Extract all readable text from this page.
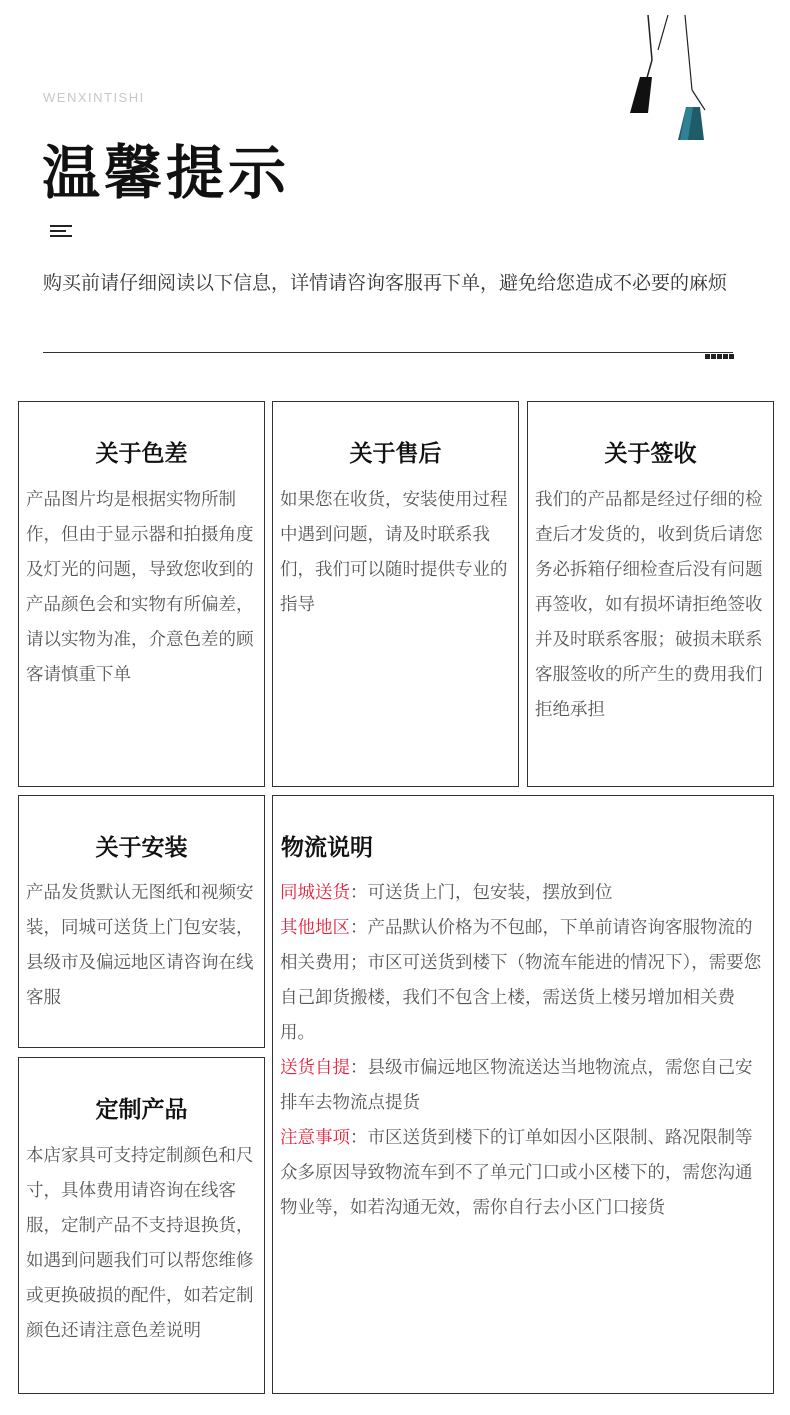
WENXINTISHI
温馨提示
购买前请仔细阅读以下信息，详情请咨询客服再下单，避免给您造成不必要的麻烦
关于色差
产品图片均是根据实物所制作，但由于显示器和拍摄角度及灯光的问题，导致您收到的产品颜色会和实物有所偏差，请以实物为准，介意色差的顾客请慎重下单
关于售后
如果您在收货，安装使用过程中遇到问题，请及时联系我们，我们可以随时提供专业的指导
关于签收
我们的产品都是经过仔细的检查后才发货的，收到货后请您务必拆箱仔细检查后没有问题再签收，如有损坏请拒绝签收并及时联系客服；破损未联系客服签收的所产生的费用我们拒绝承担
关于安装
产品发货默认无图纸和视频安装，同城可送货上门包安装，县级市及偏远地区请咨询在线客服
定制产品
本店家具可支持定制颜色和尺寸，具体费用请咨询在线客服，定制产品不支持退换货，如遇到问题我们可以帮您维修或更换破损的配件，如若定制颜色还请注意色差说明
物流说明
同城送货：可送货上门，包安装，摆放到位
其他地区：产品默认价格为不包邮，下单前请咨询客服物流的相关费用；市区可送货到楼下（物流车能进的情况下），需要您自己卸货搬楼，我们不包含上楼，需送货上楼另增加相关费用。
送货自提：县级市偏远地区物流送达当地物流点，需您自己安排车去物流点提货
注意事项：市区送货到楼下的订单如因小区限制、路况限制等众多原因导致物流车到不了单元门口或小区楼下的，需您沟通物业等，如若沟通无效，需你自行去小区门口接货
